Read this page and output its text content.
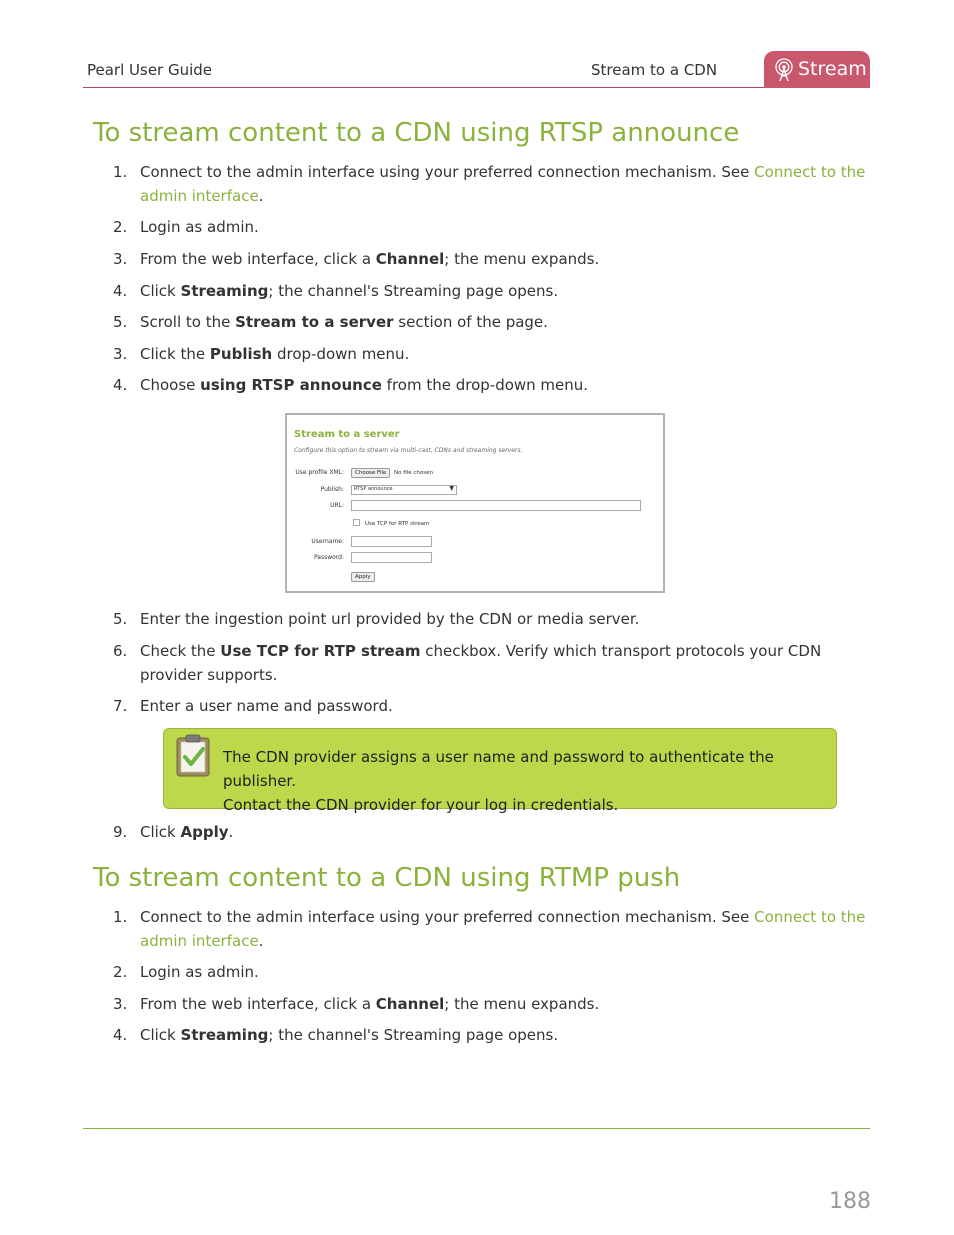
Pearl User Guide	Stream to a CDN	Stream
To stream content to a CDN using RTSP announce
1. Connect to the admin interface using your preferred connection mechanism. See Connect to the admin interface.
2. Login as admin.
3. From the web interface, click a Channel; the menu expands.
4. Click Streaming; the channel's Streaming page opens.
5. Scroll to the Stream to a server section of the page.
3. Click the Publish drop-down menu.
4. Choose using RTSP announce from the drop-down menu.
Stream to a server
Configure this option to stream via multi-cast, CDNs and streaming servers.
Use profile XML:	Choose File	No file chosen
Publish: RTSP announce	▼
URL:
Use TCP for RTP stream
Username:
Password:
Apply
5. Enter the ingestion point url provided by the CDN or media server.
6. Check the Use TCP for RTP stream checkbox. Verify which transport protocols your CDN provider supports.
7. Enter a user name and password.
The CDN provider assigns a user name and password to authenticate the publisher.
Contact the CDN provider for your log in credentials.
9. Click Apply.
To stream content to a CDN using RTMP push
1. Connect to the admin interface using your preferred connection mechanism. See Connect to the admin interface.
2. Login as admin.
3. From the web interface, click a Channel; the menu expands.
4. Click Streaming; the channel's Streaming page opens.
188
